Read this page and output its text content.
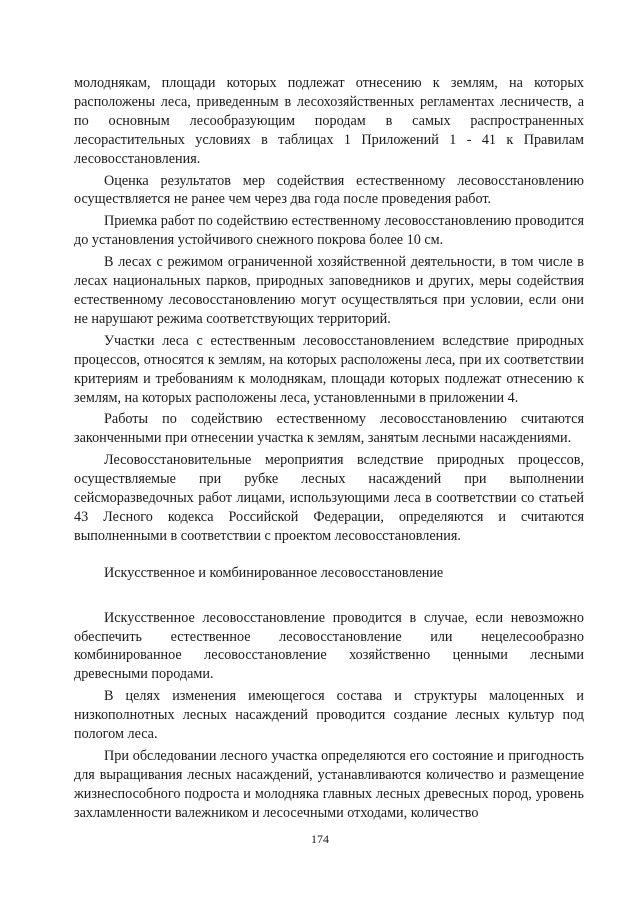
молоднякам, площади которых подлежат отнесению к землям, на которых расположены леса, приведенным в лесохозяйственных регламентах лесничеств, а по основным лесообразующим породам в самых распространенных лесорастительных условиях в таблицах 1 Приложений 1 - 41 к Правилам лесовосстановления.

Оценка результатов мер содействия естественному лесовосстановлению осуществляется не ранее чем через два года после проведения работ.

Приемка работ по содействию естественному лесовосстановлению проводится до установления устойчивого снежного покрова более 10 см.

В лесах с режимом ограниченной хозяйственной деятельности, в том числе в лесах национальных парков, природных заповедников и других, меры содействия естественному лесовосстановлению могут осуществляться при условии, если они не нарушают режима соответствующих территорий.

Участки леса с естественным лесовосстановлением вследствие природных процессов, относятся к землям, на которых расположены леса, при их соответствии критериям и требованиям к молоднякам, площади которых подлежат отнесению к землям, на которых расположены леса, установленными в приложении 4.

Работы по содействию естественному лесовосстановлению считаются законченными при отнесении участка к землям, занятым лесными насаждениями.

Лесовосстановительные мероприятия вследствие природных процессов, осуществляемые при рубке лесных насаждений при выполнении сейсморазведочных работ лицами, использующими леса в соответствии со статьей 43 Лесного кодекса Российской Федерации, определяются и считаются выполненными в соответствии с проектом лесовосстановления.

Искусственное и комбинированное лесовосстановление

Искусственное лесовосстановление проводится в случае, если невозможно обеспечить естественное лесовосстановление или нецелесообразно комбинированное лесовосстановление хозяйственно ценными лесными древесными породами.

В целях изменения имеющегося состава и структуры малоценных и низкополнотных лесных насаждений проводится создание лесных культур под пологом леса.

При обследовании лесного участка определяются его состояние и пригодность для выращивания лесных насаждений, устанавливаются количество и размещение жизнеспособного подроста и молодняка главных лесных древесных пород, уровень захламленности валежником и лесосечными отходами, количество

174
